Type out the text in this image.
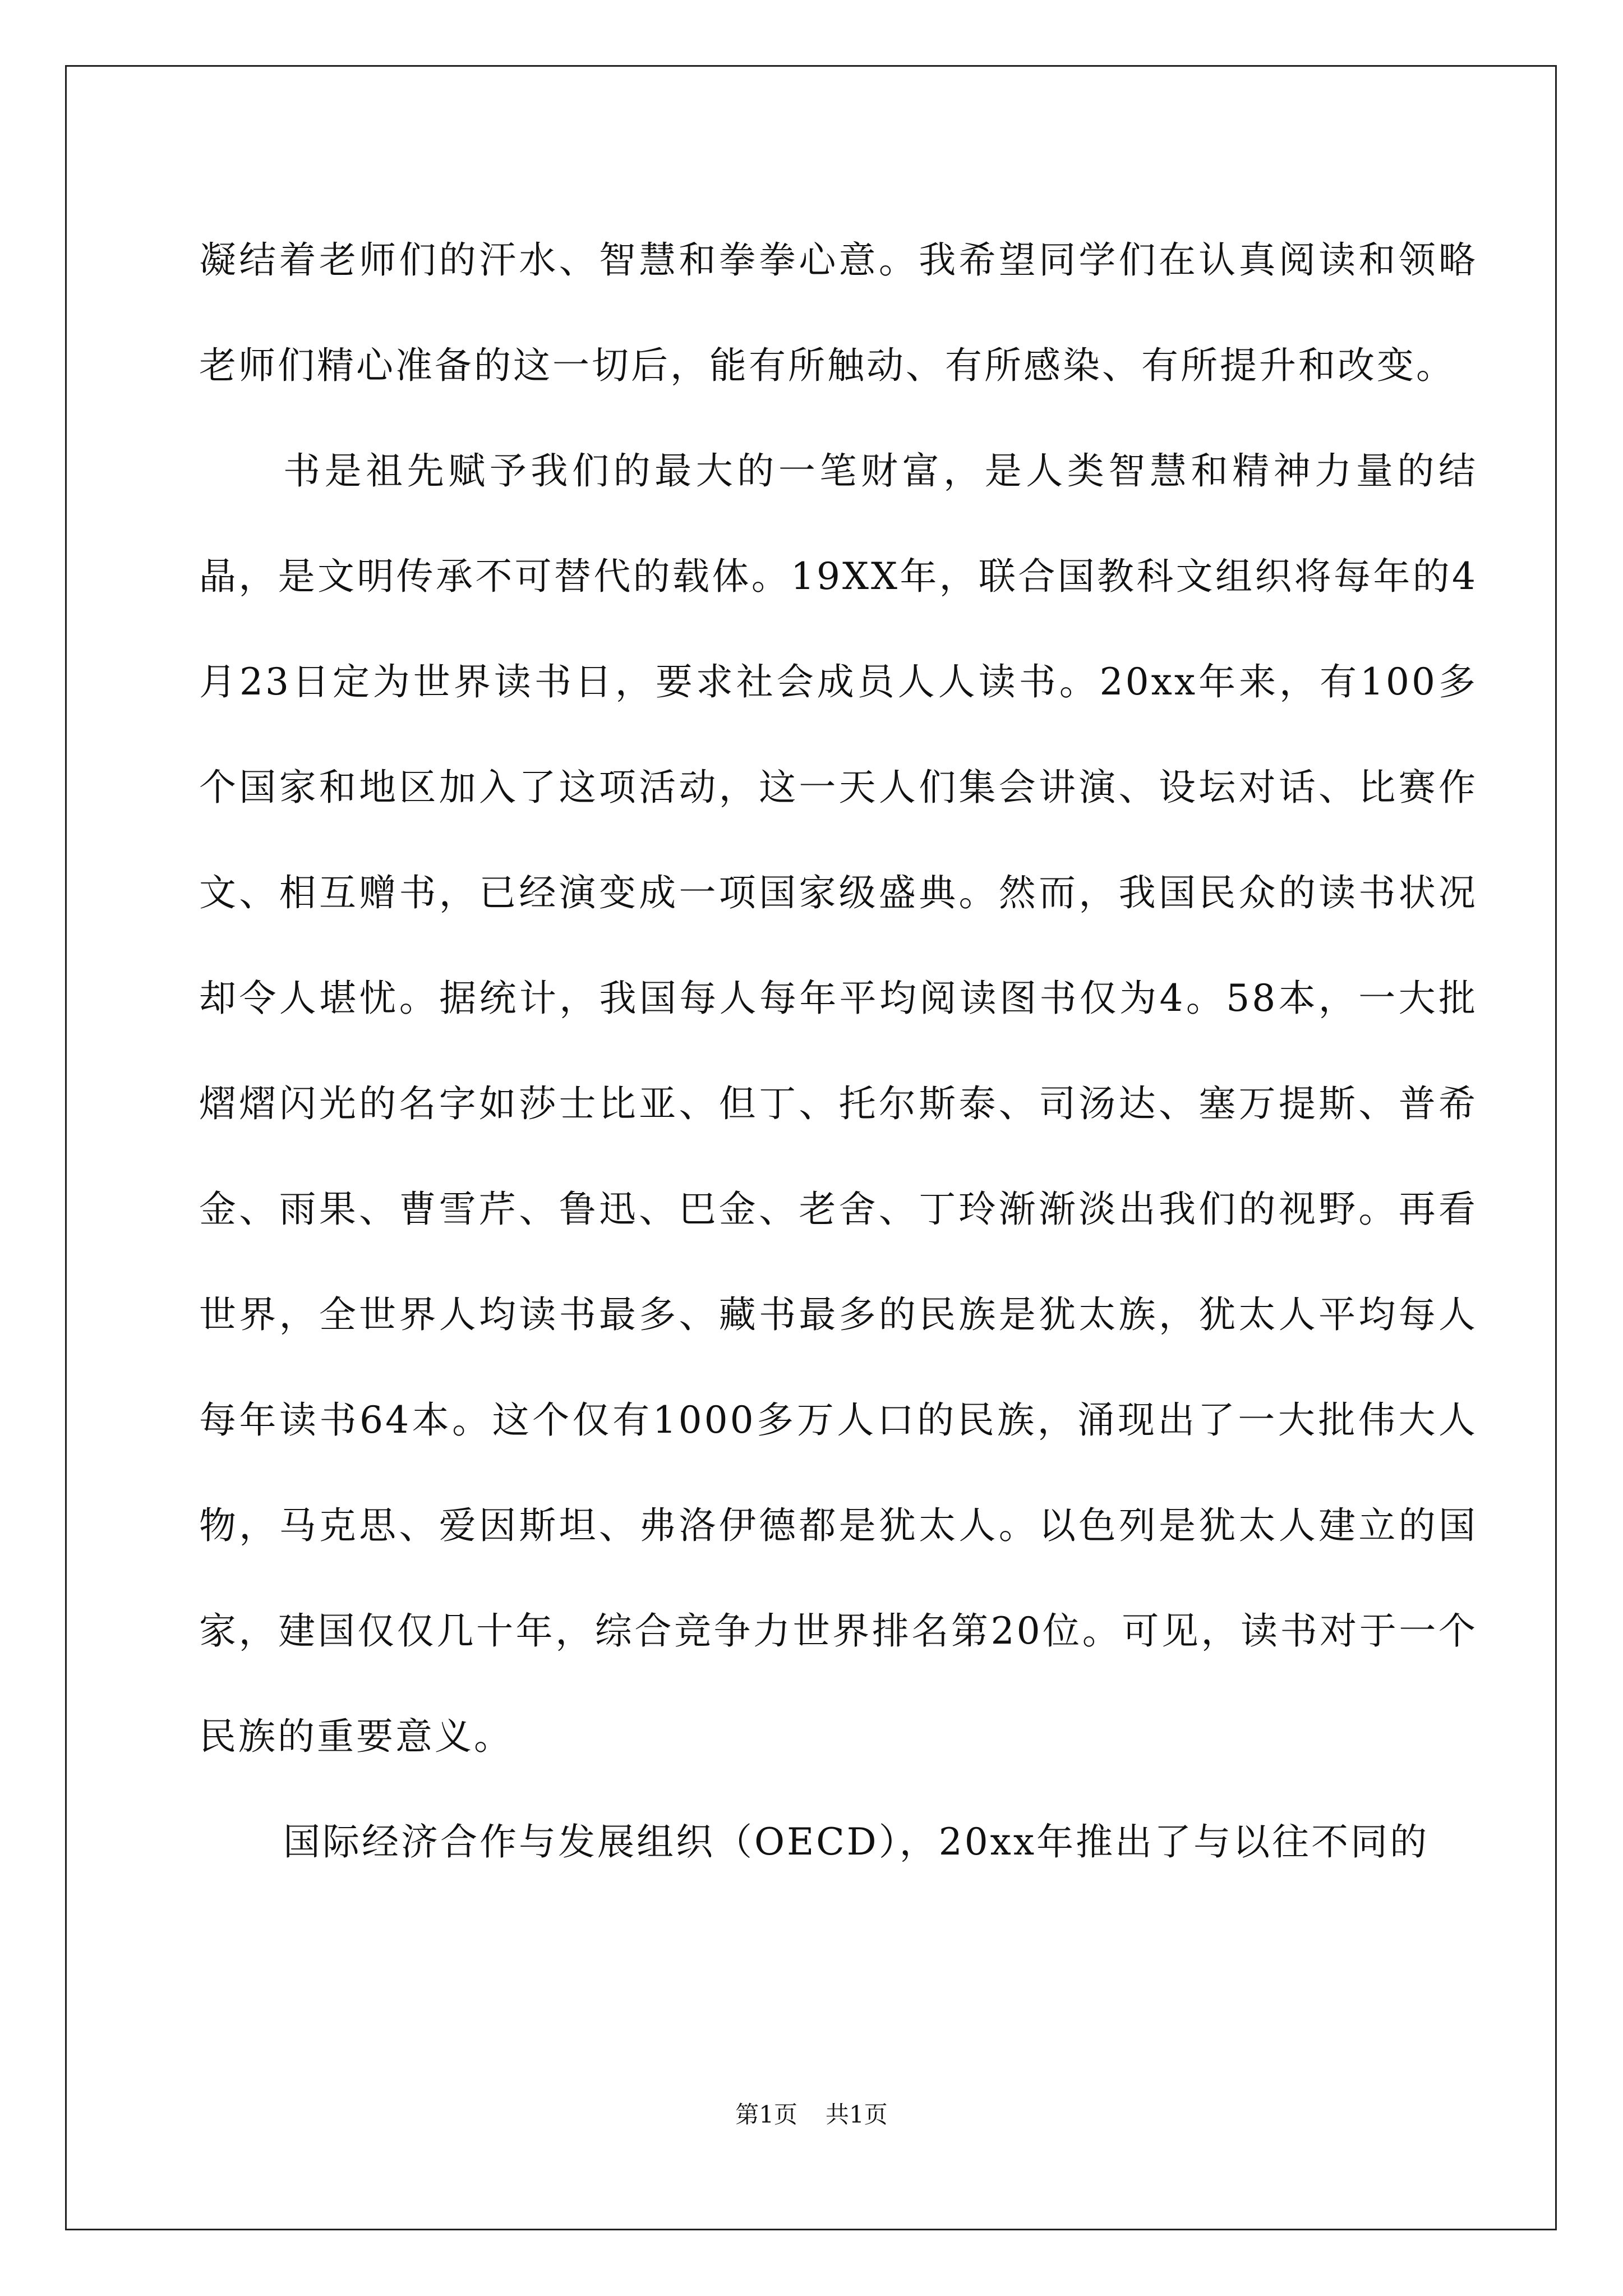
凝结着老师们的汗水、智慧和拳拳心意。我希望同学们在认真阅读和领略老师们精心准备的这一切后，能有所触动、有所感染、有所提升和改变。

书是祖先赋予我们的最大的一笔财富，是人类智慧和精神力量的结晶，是文明传承不可替代的载体。19XX年，联合国教科文组织将每年的4月23日定为世界读书日，要求社会成员人人读书。20xx年来，有100多个国家和地区加入了这项活动，这一天人们集会讲演、设坛对话、比赛作文、相互赠书，已经演变成一项国家级盛典。然而，我国民众的读书状况却令人堪忧。据统计，我国每人每年平均阅读图书仅为4。58本，一大批熠熠闪光的名字如莎士比亚、但丁、托尔斯泰、司汤达、塞万提斯、普希金、雨果、曹雪芹、鲁迅、巴金、老舍、丁玲渐渐淡出我们的视野。再看世界，全世界人均读书最多、藏书最多的民族是犹太族，犹太人平均每人每年读书64本。这个仅有1000多万人口的民族，涌现出了一大批伟大人物，马克思、爱因斯坦、弗洛伊德都是犹太人。以色列是犹太人建立的国家，建国仅仅几十年，综合竞争力世界排名第20位。可见，读书对于一个民族的重要意义。

国际经济合作与发展组织（OECD），20xx年推出了与以往不同的

第1页 共1页
